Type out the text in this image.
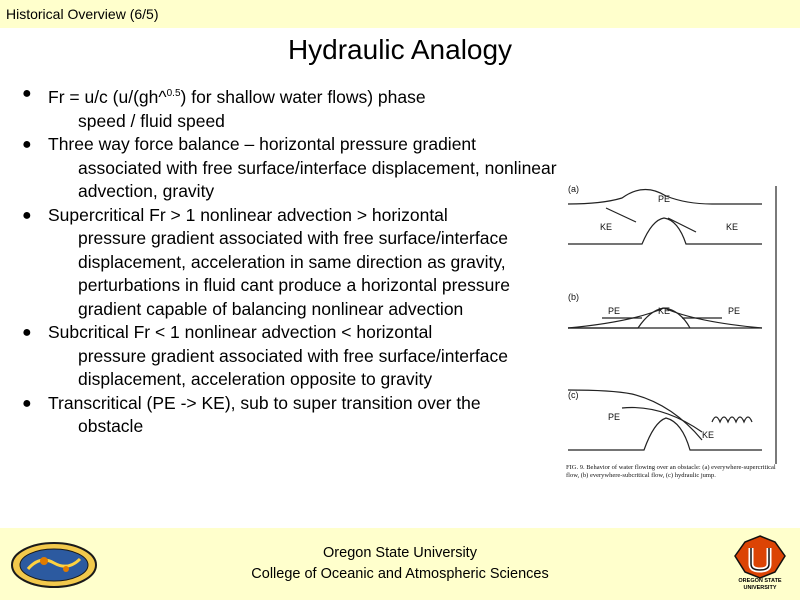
Historical Overview (6/5)
Hydraulic Analogy
● Fr = u/c (u/(gh^$^{0.5}$) for shallow water flows) phase
speed / fluid speed
● Three way force balance – horizontal pressure gradient
associated with free surface/interface displacement, nonlinear advection, gravity
● Supercritical Fr > 1 nonlinear advection > horizontal
pressure gradient associated with free surface/interface displacement, acceleration in same direction as gravity, perturbations in fluid cant produce a horizontal pressure gradient capable of balancing nonlinear advection
● Subcritical Fr < 1 nonlinear advection < horizontal
pressure gradient associated with free surface/interface displacement, acceleration opposite to gravity
● Transcritical (PE -> KE), sub to super transition over the
obstacle
(a)
PE
KE	KE
(b)
PE	KE	PE
(c)
PE
KE
FIG. 9. Behavior of water flowing over an obstacle: (a) everywhere-supercritical flow, (b) everywhere-subcritical flow, (c) hydraulic jump.
Oregon State University
College of Oceanic and Atmospheric Sciences	OREGON STATE UNIVERSITY
